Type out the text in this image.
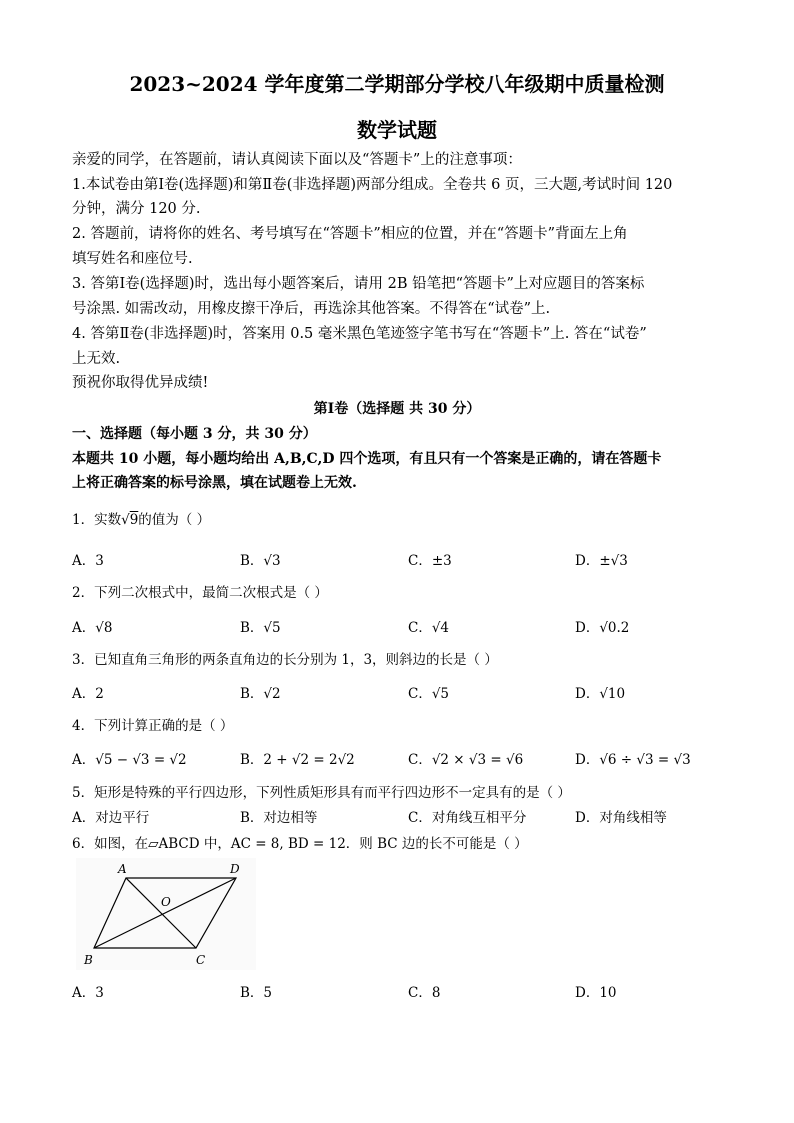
2023~2024 学年度第二学期部分学校八年级期中质量检测
数学试题
亲爱的同学，在答题前，请认真阅读下面以及“答题卡”上的注意事项：
1.本试卷由第Ⅰ卷(选择题)和第Ⅱ卷(非选择题)两部分组成。全卷共 6 页，三大题,考试时间 120
分钟，满分 120 分.
2. 答题前，请将你的姓名、考号填写在“答题卡”相应的位置，并在“答题卡”背面左上角
填写姓名和座位号.
3. 答第Ⅰ卷(选择题)时，选出每小题答案后，请用 2B 铅笔把“答题卡”上对应题目的答案标
号涂黑. 如需改动，用橡皮擦干净后，再选涂其他答案。不得答在“试卷”上.
4. 答第Ⅱ卷(非选择题)时，答案用 0.5 毫米黑色笔迹签字笔书写在“答题卡”上. 答在“试卷”
上无效.
预祝你取得优异成绩!
第Ⅰ卷（选择题 共 30 分）
一、选择题（每小题 3 分，共 30 分）
本题共 10 小题，每小题均给出 A,B,C,D 四个选项，有且只有一个答案是正确的，请在答题卡
上将正确答案的标号涂黑，填在试题卷上无效.
1．实数√9的值为（ ）
A．3	B．√3	C．±3	D．±√3
2．下列二次根式中，最简二次根式是（ ）
A．√8	B．√5	C．√4	D．√0.2
3．已知直角三角形的两条直角边的长分别为 1，3，则斜边的长是（ ）
A．2	B．√2	C．√5	D．√10
4．下列计算正确的是（ ）
A．√5 − √3 = √2	B．2 + √2 = 2√2	C．√2 × √3 = √6	D．√6 ÷ √3 = √3
5．矩形是特殊的平行四边形，下列性质矩形具有而平行四边形不一定具有的是（ ）
A．对边平行	B．对边相等	C．对角线互相平分	D．对角线相等
6．如图，在▱ABCD 中，AC = 8, BD = 12．则 BC 边的长不可能是（ ）
A	D
O
B	C
A．3	B．5	C．8	D．10
